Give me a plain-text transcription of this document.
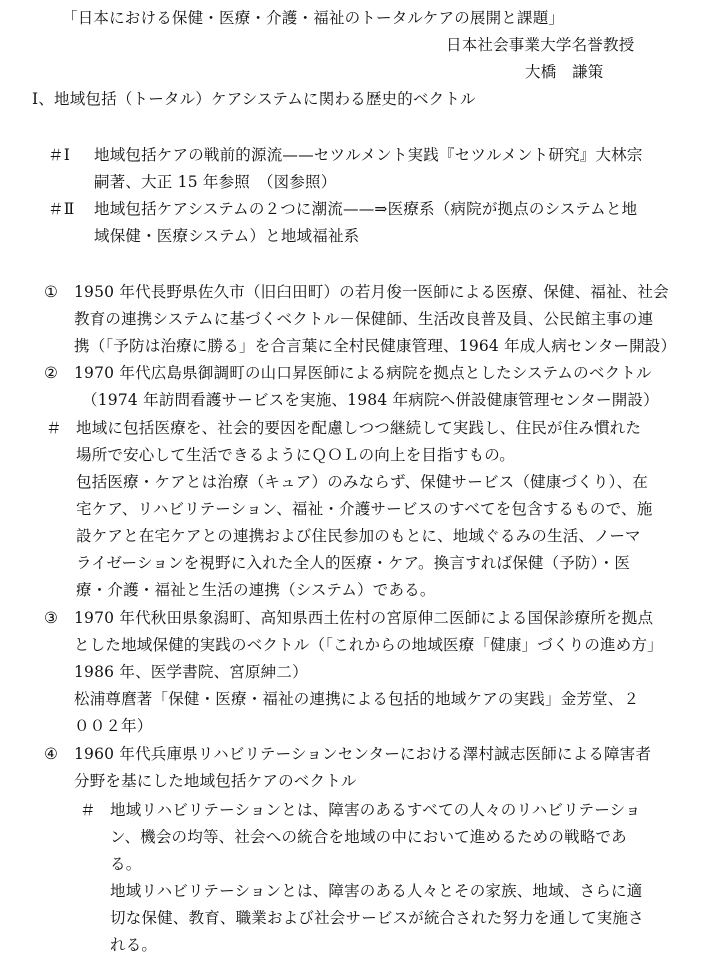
「日本における保健・医療・介護・福祉のトータルケアの展開と課題」
日本社会事業大学名誉教授
大橋　謙策
Ⅰ、地域包括（トータル）ケアシステムに関わる歴史的ベクトル
＃Ⅰ 地域包括ケアの戦前的源流——セツルメント実践『セツルメント研究』大林宗
嗣著、大正 15 年参照　（図参照）
＃Ⅱ 地域包括ケアシステムの２つに潮流——⇒医療系（病院が拠点のシステムと地
域保健・医療システム）と地域福祉系
① 1950 年代長野県佐久市（旧臼田町）の若月俊一医師による医療、保健、福祉、社会
教育の連携システムに基づくベクトル－保健師、生活改良普及員、公民館主事の連
携（「予防は治療に勝る」を合言葉に全村民健康管理、1964 年成人病センター開設）
② 1970 年代広島県御調町の山口昇医師による病院を拠点としたシステムのベクトル
（1974 年訪問看護サービスを実施、1984 年病院へ併設健康管理センター開設）
＃ 地域に包括医療を、社会的要因を配慮しつつ継続して実践し、住民が住み慣れた
場所で安心して生活できるようにＱＯＬの向上を目指すもの。
包括医療・ケアとは治療（キュア）のみならず、保健サービス（健康づくり）、在
宅ケア、リハビリテーション、福祉・介護サービスのすべてを包含するもので、施
設ケアと在宅ケアとの連携および住民参加のもとに、地域ぐるみの生活、ノーマ
ライゼーションを視野に入れた全人的医療・ケア。換言すれば保健（予防）・医
療・介護・福祉と生活の連携（システム）である。
③ 1970 年代秋田県象潟町、高知県西土佐村の宮原伸二医師による国保診療所を拠点
とした地域保健的実践のベクトル（「これからの地域医療「健康」づくりの進め方」
1986 年、医学書院、宮原紳二）
松浦尊麿著「保健・医療・福祉の連携による包括的地域ケアの実践」金芳堂、２
００２年）
④ 1960 年代兵庫県リハビリテーションセンターにおける澤村誠志医師による障害者
分野を基にした地域包括ケアのベクトル
＃ 地域リハビリテーションとは、障害のあるすべての人々のリハビリテーショ
ン、機会の均等、社会への統合を地域の中において進めるための戦略であ
る。
地域リハビリテーションとは、障害のある人々とその家族、地域、さらに適
切な保健、教育、職業および社会サービスが統合された努力を通して実施さ
れる。
